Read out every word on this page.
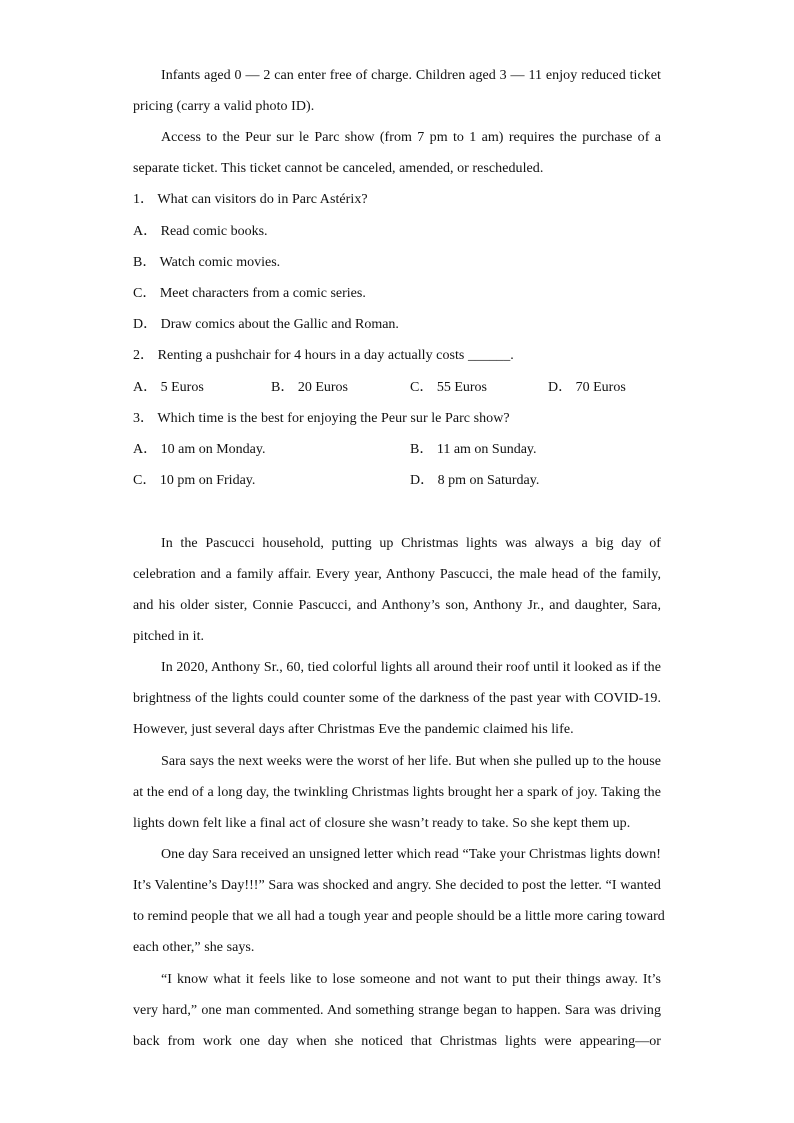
Infants aged 0 — 2 can enter free of charge. Children aged 3 — 11 enjoy reduced ticket
pricing (carry a valid photo ID).
Access to the Peur sur le Parc show (from 7 pm to 1 am) requires the purchase of a
separate ticket. This ticket cannot be canceled, amended, or rescheduled.
1． What can visitors do in Parc Astérix?
A． Read comic books.
B． Watch comic movies.
C． Meet characters from a comic series.
D． Draw comics about the Gallic and Roman.
2． Renting a pushchair for 4 hours in a day actually costs ______.
A． 5 Euros	B． 20 Euros	C． 55 Euros	D． 70 Euros
3． Which time is the best for enjoying the Peur sur le Parc show?
A． 10 am on Monday.	B． 11 am on Sunday.
C． 10 pm on Friday.	D． 8 pm on Saturday.
In the Pascucci household, putting up Christmas lights was always a big day of
celebration and a family affair. Every year, Anthony Pascucci, the male head of the family,
and his older sister, Connie Pascucci, and Anthony’s son, Anthony Jr., and daughter, Sara,
pitched in it.
In 2020, Anthony Sr., 60, tied colorful lights all around their roof until it looked as if the
brightness of the lights could counter some of the darkness of the past year with COVID-19.
However, just several days after Christmas Eve the pandemic claimed his life.
Sara says the next weeks were the worst of her life. But when she pulled up to the house
at the end of a long day, the twinkling Christmas lights brought her a spark of joy. Taking the
lights down felt like a final act of closure she wasn’t ready to take. So she kept them up.
One day Sara received an unsigned letter which read “Take your Christmas lights down!
It’s Valentine’s Day!!!” Sara was shocked and angry. She decided to post the letter. “I wanted
to remind people that we all had a tough year and people should be a little more caring toward
each other,” she says.
“I know what it feels like to lose someone and not want to put their things away. It’s
very hard,” one man commented. And something strange began to happen. Sara was driving
back from work one day when she noticed that Christmas lights were appearing—or
